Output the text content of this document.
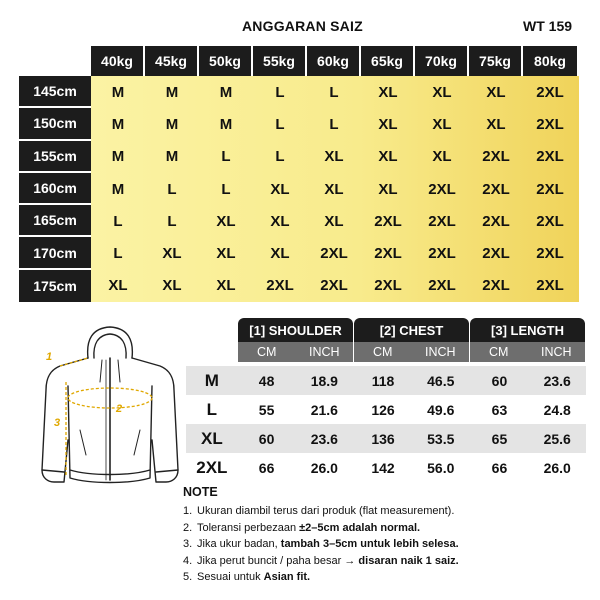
ANGGARAN SAIZ	WT 159
40kg	45kg	50kg	55kg	60kg	65kg	70kg	75kg	80kg
145cm	M	M	M	L	L	XL	XL	XL	2XL
150cm	M	M	M	L	L	XL	XL	XL	2XL
155cm	M	M	L	L	XL	XL	XL	2XL	2XL
160cm	M	L	L	XL	XL	XL	2XL	2XL	2XL
165cm	L	L	XL	XL	XL	2XL	2XL	2XL	2XL
170cm	L	XL	XL	XL	2XL	2XL	2XL	2XL	2XL
175cm	XL	XL	XL	2XL	2XL	2XL	2XL	2XL	2XL
1
2
3
[1] SHOULDER
CM	INCH
[2] CHEST
CM	INCH
[3] LENGTH
CM	INCH
M	48	18.9	118	46.5	60	23.6
L	55	21.6	126	49.6	63	24.8
XL	60	23.6	136	53.5	65	25.6
2XL	66	26.0	142	56.0	66	26.0
NOTE
1. Ukuran diambil terus dari produk (flat measurement).
2. Toleransi perbezaan ±2–5cm adalah normal.
3. Jika ukur badan, tambah 3–5cm untuk lebih selesa.
4. Jika perut buncit / paha besar → disaran naik 1 saiz.
5. Sesuai untuk Asian fit.
